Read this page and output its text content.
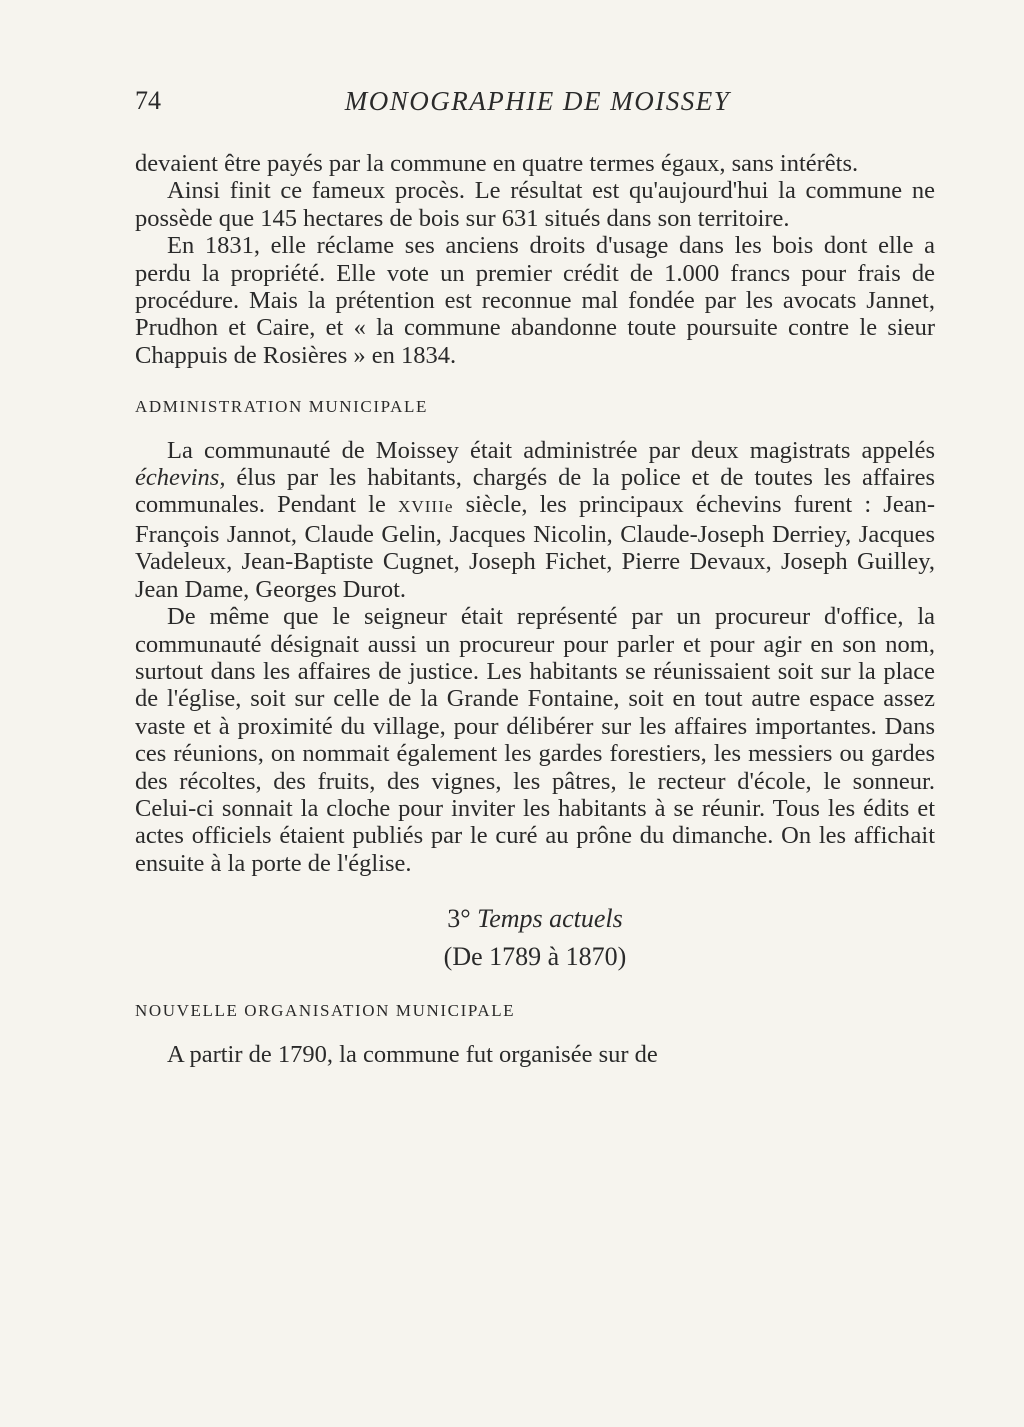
74	MONOGRAPHIE DE MOISSEY

devaient être payés par la commune en quatre termes égaux, sans intérêts.

Ainsi finit ce fameux procès. Le résultat est qu'aujourd'hui la commune ne possède que 145 hectares de bois sur 631 situés dans son territoire.

En 1831, elle réclame ses anciens droits d'usage dans les bois dont elle a perdu la propriété. Elle vote un premier crédit de 1.000 francs pour frais de procédure. Mais la prétention est reconnue mal fondée par les avocats Jannet, Prudhon et Caire, et « la commune abandonne toute poursuite contre le sieur Chappuis de Rosières » en 1834.

ADMINISTRATION MUNICIPALE

La communauté de Moissey était administrée par deux magistrats appelés échevins, élus par les habitants, chargés de la police et de toutes les affaires communales. Pendant le XVIIIe siècle, les principaux échevins furent : Jean-François Jannot, Claude Gelin, Jacques Nicolin, Claude-Joseph Derriey, Jacques Vadeleux, Jean-Baptiste Cugnet, Joseph Fichet, Pierre Devaux, Joseph Guilley, Jean Dame, Georges Durot.

De même que le seigneur était représenté par un procureur d'office, la communauté désignait aussi un procureur pour parler et pour agir en son nom, surtout dans les affaires de justice. Les habitants se réunissaient soit sur la place de l'église, soit sur celle de la Grande Fontaine, soit en tout autre espace assez vaste et à proximité du village, pour délibérer sur les affaires importantes. Dans ces réunions, on nommait également les gardes forestiers, les messiers ou gardes des récoltes, des fruits, des vignes, les pâtres, le recteur d'école, le sonneur. Celui-ci sonnait la cloche pour inviter les habitants à se réunir. Tous les édits et actes officiels étaient publiés par le curé au prône du dimanche. On les affichait ensuite à la porte de l'église.

3° Temps actuels

(De 1789 à 1870)

NOUVELLE ORGANISATION MUNICIPALE

A partir de 1790, la commune fut organisée sur de
